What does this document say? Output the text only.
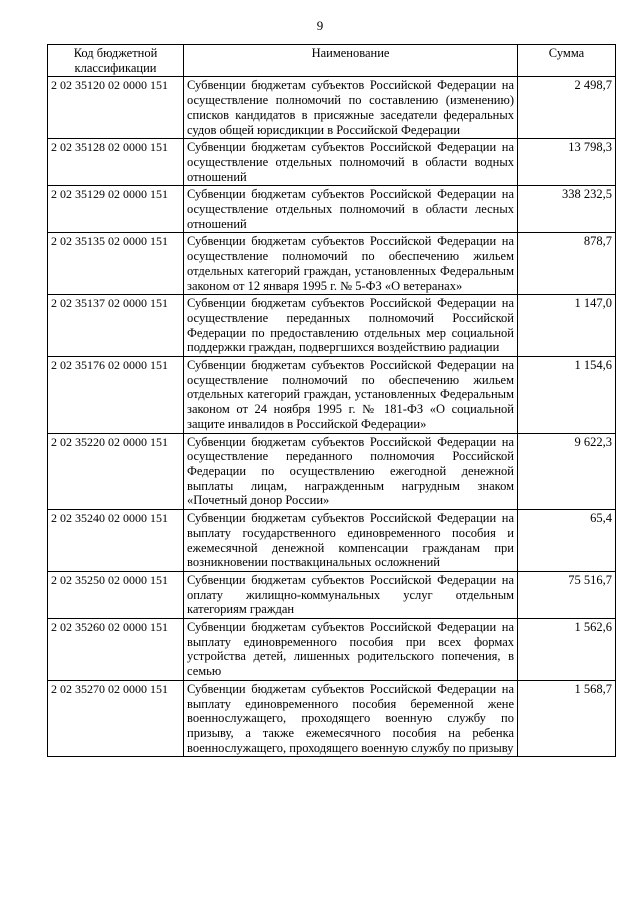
9
Код бюджетной классификации	Наименование	Сумма
2 02 35120 02 0000 151	Субвенции бюджетам субъектов Российской Федерации на осуществление полномочий по составлению (изменению) списков кандидатов в присяжные заседатели федеральных судов общей юрисдикции в Российской Федерации	2 498,7
2 02 35128 02 0000 151	Субвенции бюджетам субъектов Российской Федерации на осуществление отдельных полномочий в области водных отношений	13 798,3
2 02 35129 02 0000 151	Субвенции бюджетам субъектов Российской Федерации на осуществление отдельных полномочий в области лесных отношений	338 232,5
2 02 35135 02 0000 151	Субвенции бюджетам субъектов Российской Федерации на осуществление полномочий по обеспечению жильем отдельных категорий граждан, установленных Федеральным законом от 12 января 1995 г. № 5-ФЗ «О ветеранах»	878,7
2 02 35137 02 0000 151	Субвенции бюджетам субъектов Российской Федерации на осуществление переданных полномочий Российской Федерации по предоставлению отдельных мер социальной поддержки граждан, подвергшихся воздействию радиации	1 147,0
2 02 35176 02 0000 151	Субвенции бюджетам субъектов Российской Федерации на осуществление полномочий по обеспечению жильем отдельных категорий граждан, установленных Федеральным законом от 24 ноября 1995 г. № 181-ФЗ «О социальной защите инвалидов в Российской Федерации»	1 154,6
2 02 35220 02 0000 151	Субвенции бюджетам субъектов Российской Федерации на осуществление переданного полномочия Российской Федерации по осуществлению ежегодной денежной выплаты лицам, награжденным нагрудным знаком «Почетный донор России»	9 622,3
2 02 35240 02 0000 151	Субвенции бюджетам субъектов Российской Федерации на выплату государственного единовременного пособия и ежемесячной денежной компенсации гражданам при возникновении поствакцинальных осложнений	65,4
2 02 35250 02 0000 151	Субвенции бюджетам субъектов Российской Федерации на оплату жилищно-коммунальных услуг отдельным категориям граждан	75 516,7
2 02 35260 02 0000 151	Субвенции бюджетам субъектов Российской Федерации на выплату единовременного пособия при всех формах устройства детей, лишенных родительского попечения, в семью	1 562,6
2 02 35270 02 0000 151	Субвенции бюджетам субъектов Российской Федерации на выплату единовременного пособия беременной жене военнослужащего, проходящего военную службу по призыву, а также ежемесячного пособия на ребенка военнослужащего, проходящего военную службу по призыву	1 568,7
